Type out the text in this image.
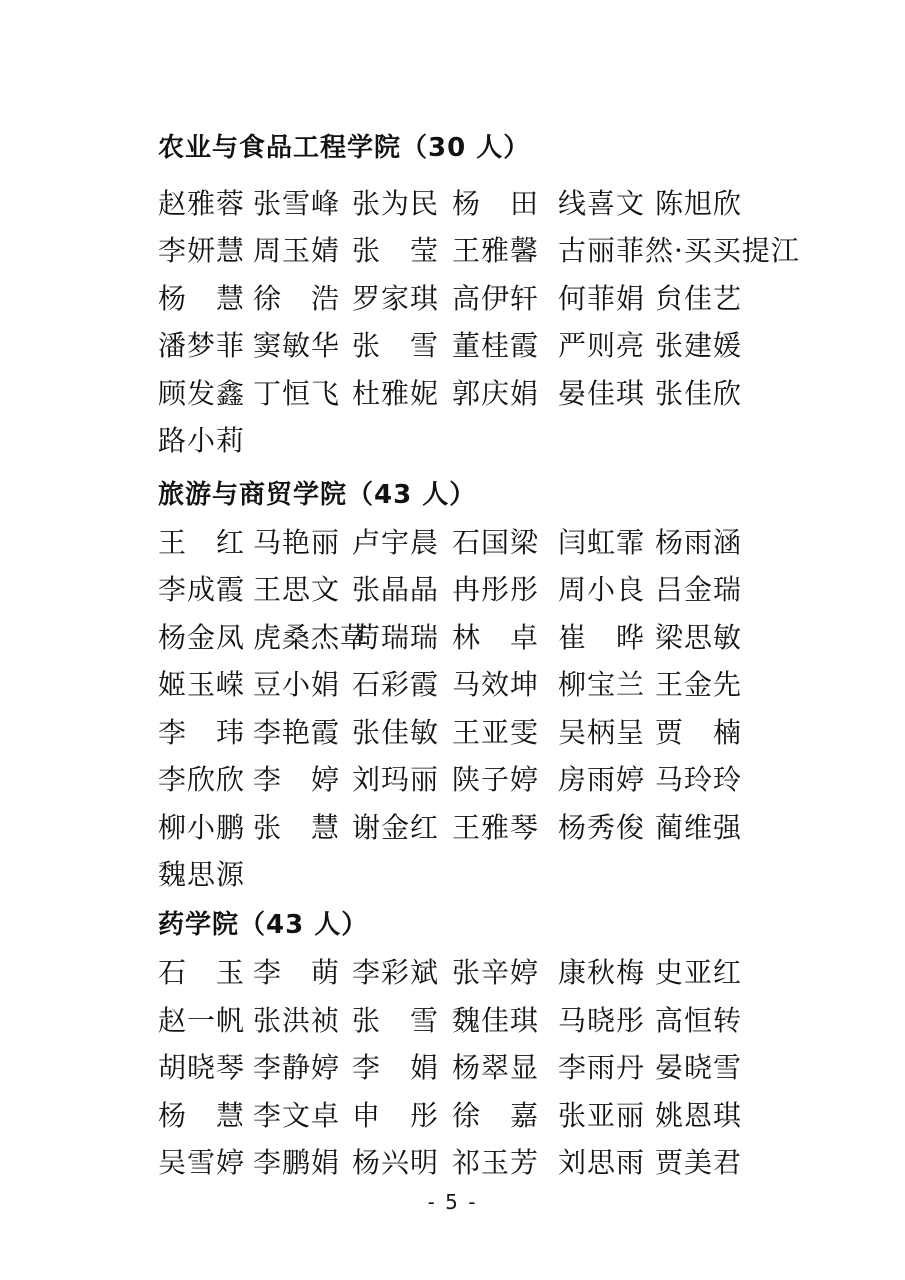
农业与食品工程学院（30 人）
赵雅蓉 张雪峰 张为民 杨　田 线喜文 陈旭欣
李妍慧 周玉婧 张　莹 王雅馨 古丽菲然·买买提江
杨　慧 徐　浩 罗家琪 高伊轩 何菲娟 贠佳艺
潘梦菲 窦敏华 张　雪 董桂霞 严则亮 张建媛
顾发鑫 丁恒飞 杜雅妮 郭庆娟 晏佳琪 张佳欣
路小莉
旅游与商贸学院（43 人）
王　红 马艳丽 卢宇晨 石国梁 闫虹霏 杨雨涵
李成霞 王思文 张晶晶 冉彤彤 周小良 吕金瑞
杨金凤 虎桑杰草
苟瑞瑞 林　卓 崔　晔 梁思敏
姬玉嵘 豆小娟 石彩霞 马效坤 柳宝兰 王金先
李　玮 李艳霞 张佳敏 王亚雯 吴柄呈 贾　楠
李欣欣 李　婷 刘玛丽 陕子婷 房雨婷 马玲玲
柳小鹏 张　慧 谢金红 王雅琴 杨秀俊 蔺维强
魏思源
药学院（43 人）
石　玉 李　萌 李彩斌 张辛婷 康秋梅 史亚红
赵一帆 张洪祯 张　雪 魏佳琪 马晓彤 高恒转
胡晓琴 李静婷 李　娟 杨翠显 李雨丹 晏晓雪
杨　慧 李文卓 申　彤 徐　嘉 张亚丽 姚恩琪
吴雪婷 李鹏娟 杨兴明 祁玉芳 刘思雨 贾美君
- 5 -
